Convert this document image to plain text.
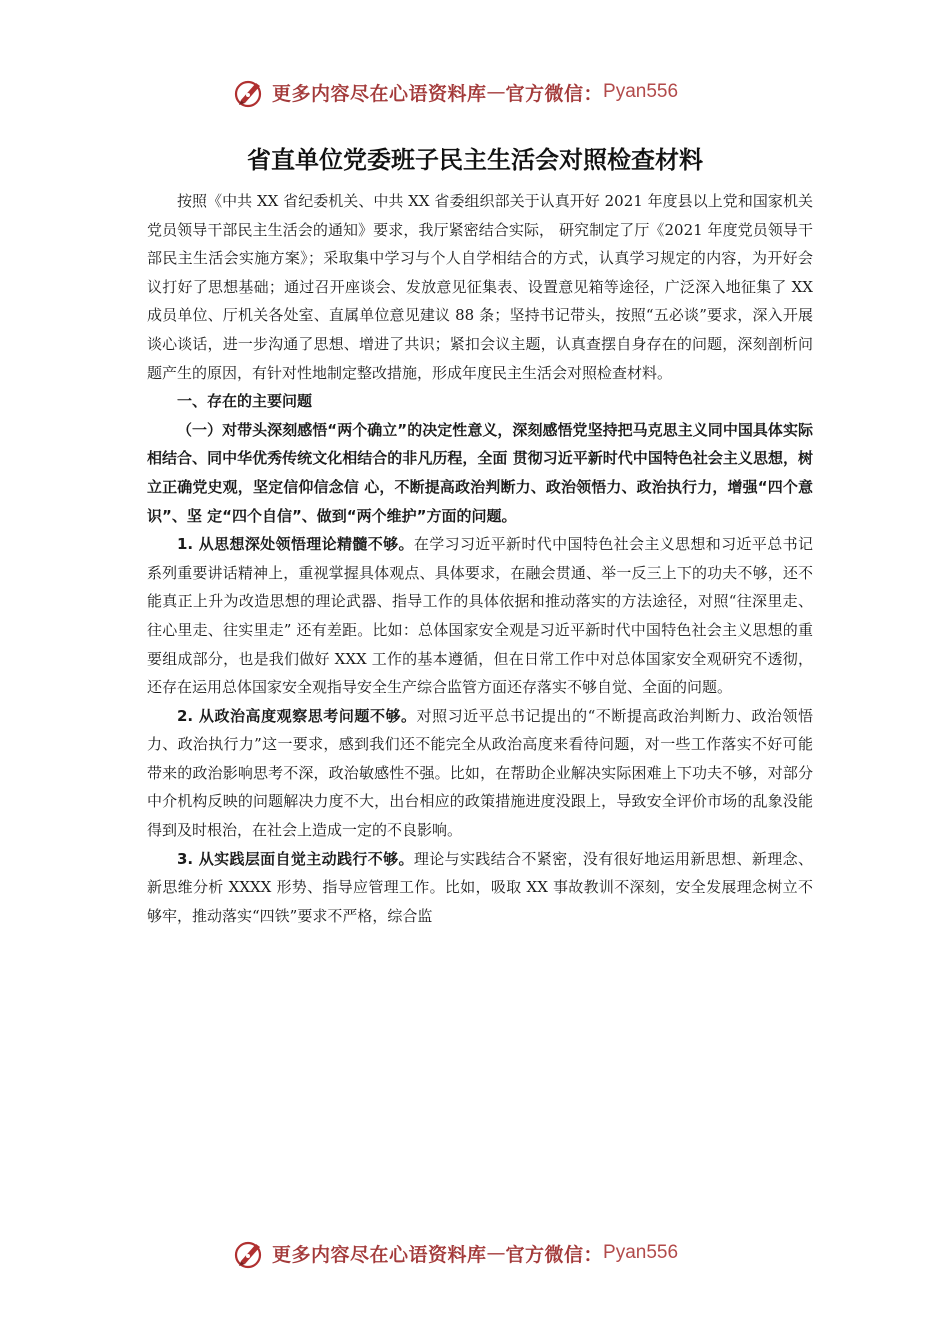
更多内容尽在心语资料库 — 官方微信： Pyan556
省直单位党委班子民主生活会对照检查材料

按照《中共 XX 省纪委机关、中共 XX 省委组织部关于认真开好 2021 年度县以上党和国家机关党员领导干部民主生活会的通知》要求，我厅紧密结合实际， 研究制定了厅《2021 年度党员领导干部民主生活会实施方案》；采取集中学习与个人自学相结合的方式，认真学习规定的内容，为开好会议打好了思想基础；通过召开座谈会、发放意见征集表、设置意见箱等途径，广泛深入地征集了 XX 成员单位、厅机关各处室、直属单位意见建议 88 条；坚持书记带头，按照“五必谈”要求，深入开展谈心谈话，进一步沟通了思想、增进了共识；紧扣会议主题，认真查摆自身存在的问题，深刻剖析问题产生的原因，有针对性地制定整改措施，形成年度民主生活会对照检查材料。

一、存在的主要问题

（一）对带头深刻感悟“两个确立”的决定性意义，深刻感悟党坚持把马克思主义同中国具体实际相结合、同中华优秀传统文化相结合的非凡历程，全面 贯彻习近平新时代中国特色社会主义思想，树立正确党史观，坚定信仰信念信 心，不断提高政治判断力、政治领悟力、政治执行力，增强“四个意识”、坚 定“四个自信”、做到“两个维护”方面的问题。

1. 从思想深处领悟理论精髓不够。在学习习近平新时代中国特色社会主义思想和习近平总书记系列重要讲话精神上，重视掌握具体观点、具体要求，在融会贯通、举一反三上下的功夫不够，还不能真正上升为改造思想的理论武器、指导工作的具体依据和推动落实的方法途径，对照“往深里走、往心里走、往实里走” 还有差距。比如：总体国家安全观是习近平新时代中国特色社会主义思想的重要组成部分，也是我们做好 XXX 工作的基本遵循，但在日常工作中对总体国家安全观研究不透彻，还存在运用总体国家安全观指导安全生产综合监管方面还存落实不够自觉、全面的问题。

2. 从政治高度观察思考问题不够。对照习近平总书记提出的“不断提高政治判断力、政治领悟力、政治执行力”这一要求，感到我们还不能完全从政治高度来看待问题，对一些工作落实不好可能带来的政治影响思考不深，政治敏感性不强。比如，在帮助企业解决实际困难上下功夫不够，对部分中介机构反映的问题解决力度不大，出台相应的政策措施进度没跟上，导致安全评价市场的乱象没能得到及时根治，在社会上造成一定的不良影响。

3. 从实践层面自觉主动践行不够。理论与实践结合不紧密，没有很好地运用新思想、新理念、新思维分析 XXXX 形势、指导应管理工作。比如，吸取 XX 事故教训不深刻，安全发展理念树立不够牢，推动落实“四铁”要求不严格，综合监

更多内容尽在心语资料库 — 官方微信： Pyan556
